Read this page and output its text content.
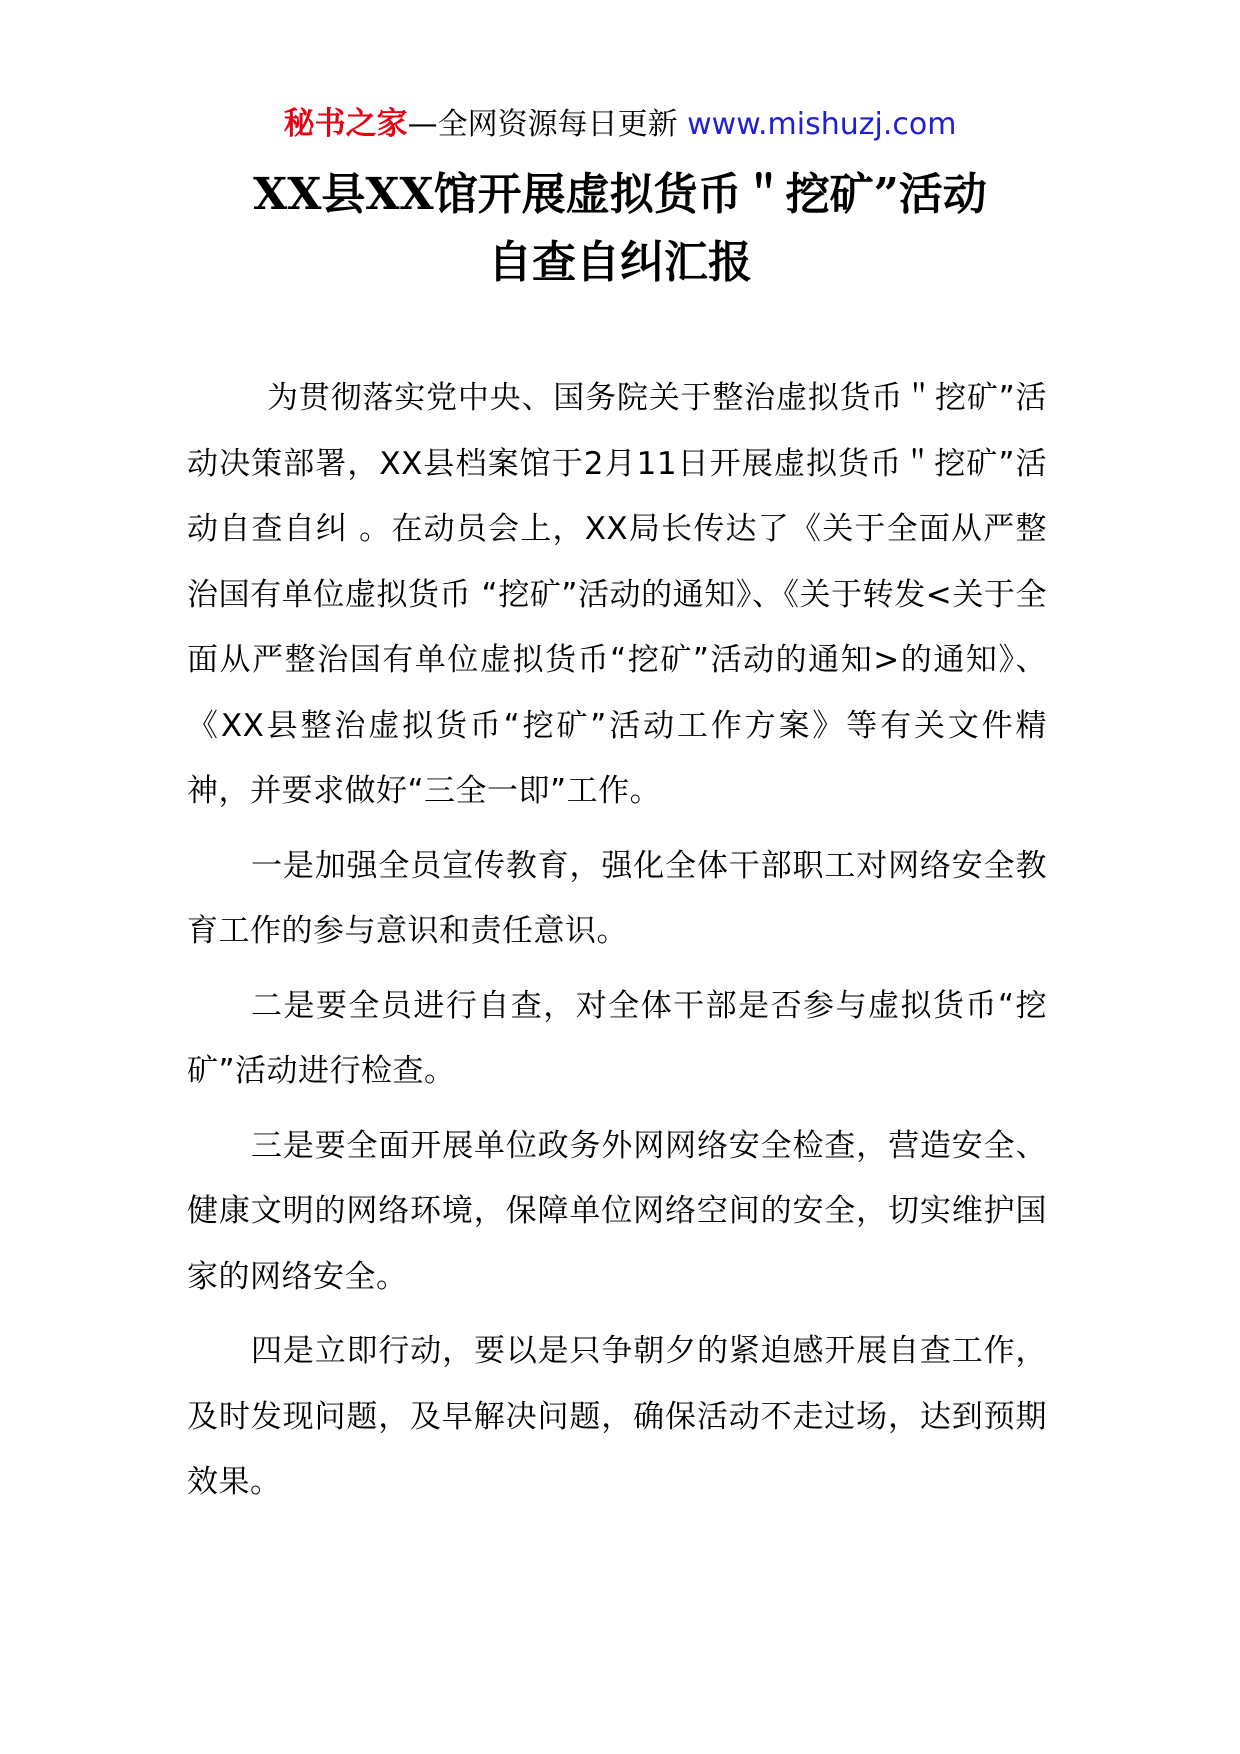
秘书之家—全网资源每日更新 www.mishuzj.com
XX县XX馆开展虚拟货币＂挖矿”活动
自查自纠汇报

为贯彻落实党中央、国务院关于整治虚拟货币＂挖矿”活动决策部署，XX县档案馆于2月11日开展虚拟货币＂挖矿”活动自查自纠 。在动员会上，XX局长传达了《关于全面从严整治国有单位虚拟货币 “挖矿”活动的通知》、《关于转发<关于全面从严整治国有单位虚拟货币“挖矿”活动的通知>的通知》、《XX县整治虚拟货币“挖矿”活动工作方案》等有关文件精神，并要求做好“三全一即”工作。

一是加强全员宣传教育，强化全体干部职工对网络安全教育工作的参与意识和责任意识。

二是要全员进行自查，对全体干部是否参与虚拟货币“挖矿”活动进行检查。

三是要全面开展单位政务外网网络安全检查，营造安全、健康文明的网络环境，保障单位网络空间的安全，切实维护国家的网络安全。

四是立即行动，要以是只争朝夕的紧迫感开展自查工作，及时发现问题，及早解决问题，确保活动不走过场，达到预期效果。
